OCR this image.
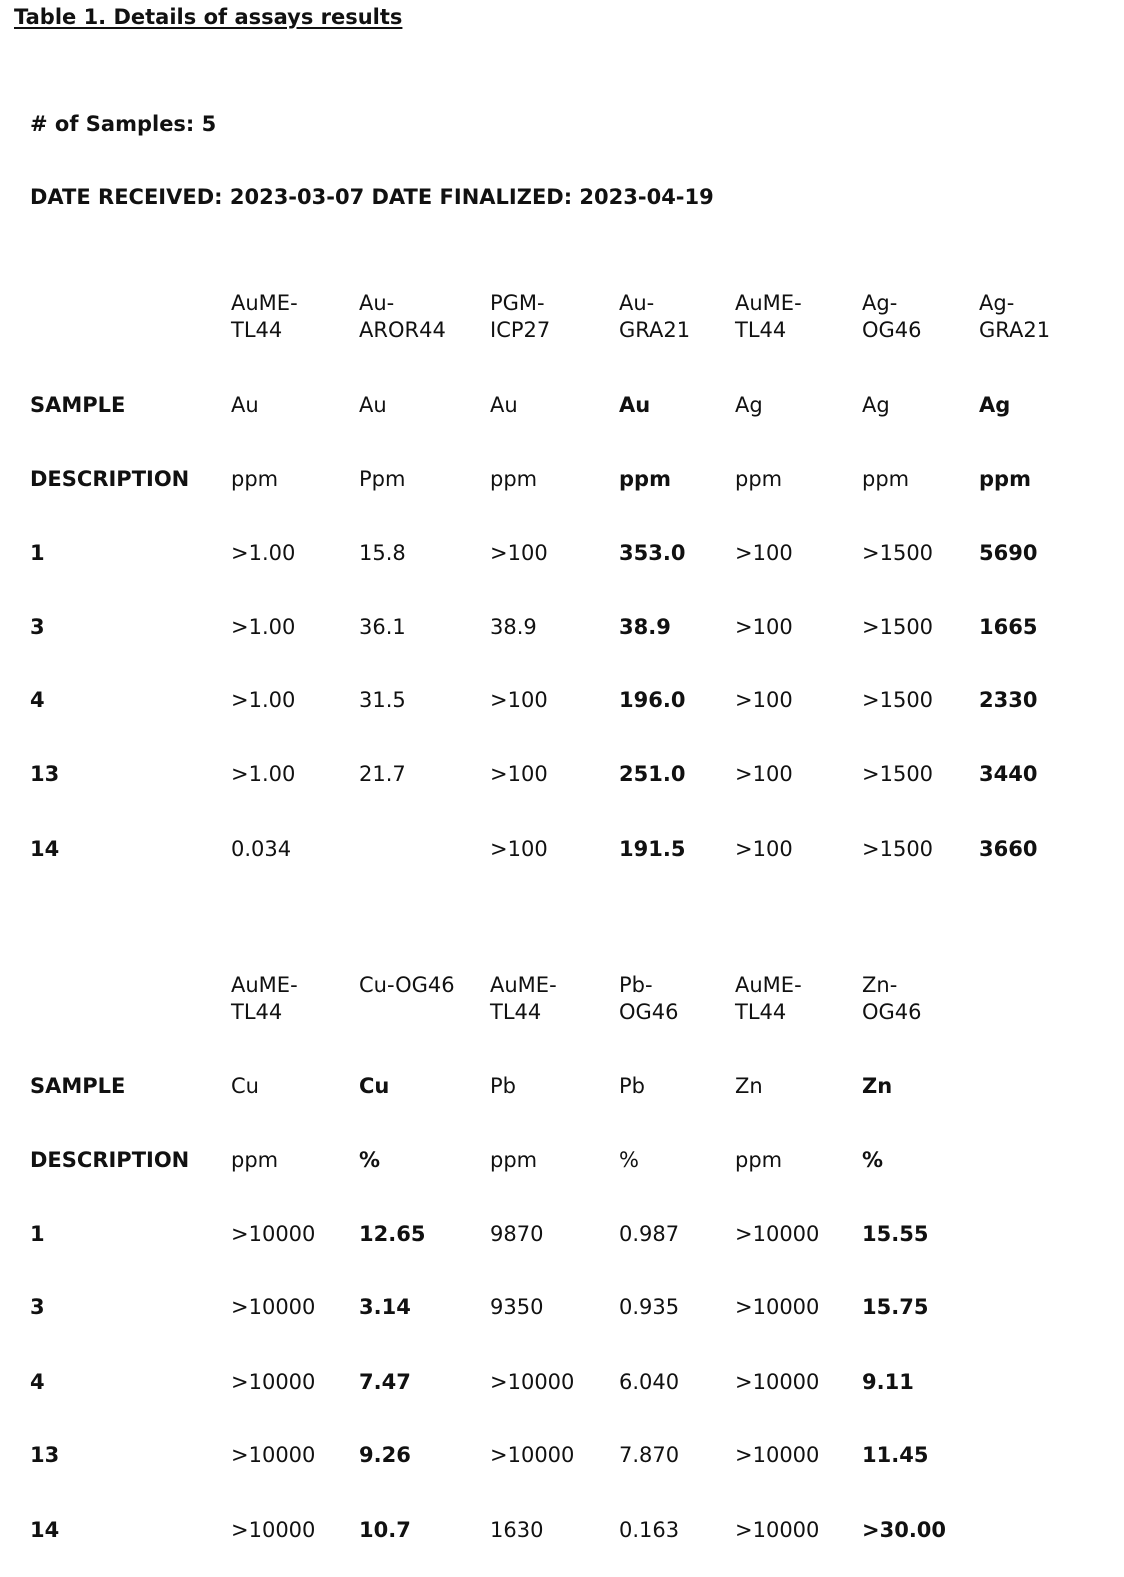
Table 1. Details of assays results
# of Samples: 5
DATE RECEIVED: 2023-03-07 DATE FINALIZED: 2023-04-19
SAMPLE
DESCRIPTION
1
3
4
13
14
AuME-
TL44
Au
ppm
>1.00
>1.00
>1.00
>1.00
0.034
Au-
AROR44
Au
Ppm
15.8
36.1
31.5
21.7
PGM-
ICP27
Au
ppm
>100
38.9
>100
>100
>100
Au-
GRA21
Au
ppm
353.0
38.9
196.0
251.0
191.5
AuME-
TL44
Ag
ppm
>100
>100
>100
>100
>100
Ag-
OG46
Ag
ppm
>1500
>1500
>1500
>1500
>1500
Ag-
GRA21
Ag
ppm
5690
1665
2330
3440
3660
SAMPLE
DESCRIPTION
1
3
4
13
14
AuME-
TL44
Cu
ppm
>10000
>10000
>10000
>10000
>10000
Cu-OG46
Cu
%
12.65
3.14
7.47
9.26
10.7
AuME-
TL44
Pb
ppm
9870
9350
>10000
>10000
1630
Pb-
OG46
Pb
%
0.987
0.935
6.040
7.870
0.163
AuME-
TL44
Zn
ppm
>10000
>10000
>10000
>10000
>10000
Zn-
OG46
Zn
%
15.55
15.75
9.11
11.45
>30.00
